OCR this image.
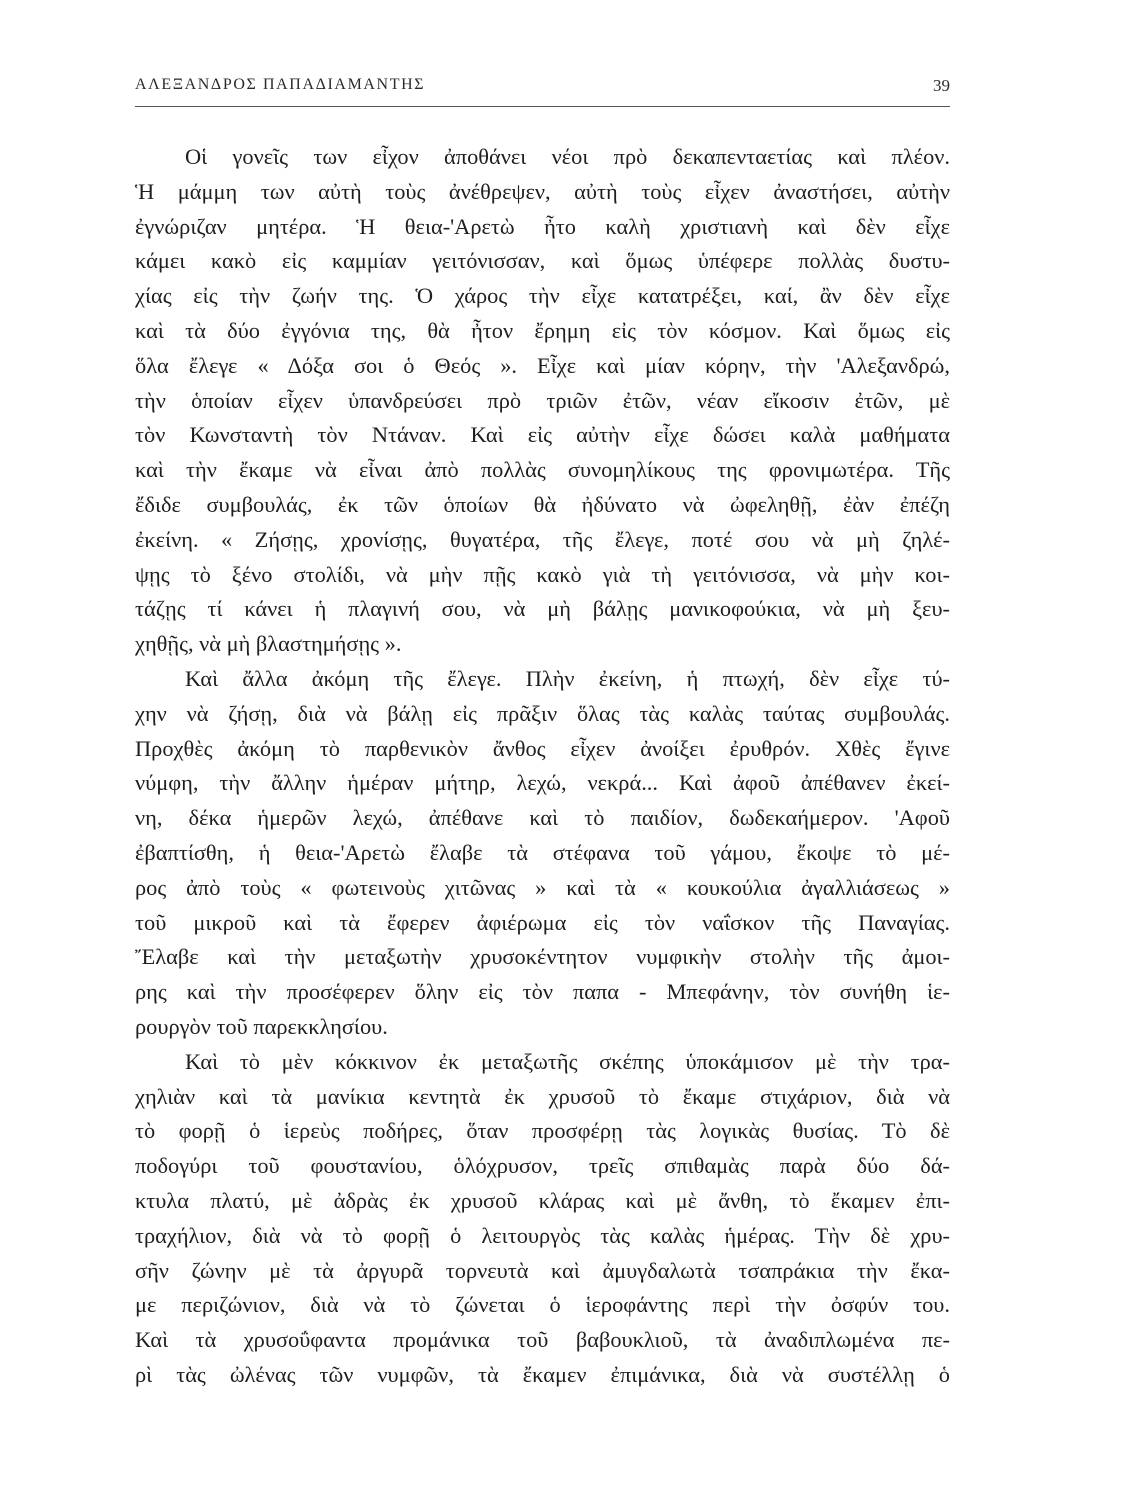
ΑΛΕΞΑΝΔΡΟΣ ΠΑΠΑΔΙΑΜΑΝΤΗΣ	39
Οἱ γονεῖς των εἶχον ἀποθάνει νέοι πρὸ δεκαπενταετίας καὶ πλέον.
Ἡ μάμμη των αὐτὴ τοὺς ἀνέθρεψεν, αὐτὴ τοὺς εἶχεν ἀναστήσει, αὐτὴν
ἐγνώριζαν μητέρα. Ἡ θεια-'Αρετὼ ἦτο καλὴ χριστιανὴ καὶ δὲν εἶχε
κάμει κακὸ εἰς καμμίαν γειτόνισσαν, καὶ ὅμως ὑπέφερε πολλὰς δυστυ-
χίας εἰς τὴν ζωήν της. Ὁ χάρος τὴν εἶχε κατατρέξει, καί, ἂν δὲν εἶχε
καὶ τὰ δύο ἐγγόνια της, θὰ ἦτον ἔρημη εἰς τὸν κόσμον. Καὶ ὅμως εἰς
ὅλα ἔλεγε « Δόξα σοι ὁ Θεός ». Εἶχε καὶ μίαν κόρην, τὴν 'Αλεξανδρώ,
τὴν ὁποίαν εἶχεν ὑπανδρεύσει πρὸ τριῶν ἐτῶν, νέαν εἴκοσιν ἐτῶν, μὲ
τὸν Κωνσταντὴ τὸν Ντάναν. Καὶ εἰς αὐτὴν εἶχε δώσει καλὰ μαθήματα
καὶ τὴν ἔκαμε νὰ εἶναι ἀπὸ πολλὰς συνομηλίκους της φρονιμωτέρα. Τῆς
ἔδιδε συμβουλάς, ἐκ τῶν ὁποίων θὰ ἠδύνατο νὰ ὠφεληθῇ, ἐὰν ἐπέζη
ἐκείνη. « Ζήσῃς, χρονίσῃς, θυγατέρα, τῆς ἔλεγε, ποτέ σου νὰ μὴ ζηλέ-
ψῃς τὸ ξένο στολίδι, νὰ μὴν πῇς κακὸ γιὰ τὴ γειτόνισσα, νὰ μὴν κοι-
τάζῃς τί κάνει ἡ πλαγινή σου, νὰ μὴ βάλῃς μανικοφούκια, νὰ μὴ ξευ-
χηθῇς, νὰ μὴ βλαστημήσῃς ».
Καὶ ἄλλα ἀκόμη τῆς ἔλεγε. Πλὴν ἐκείνη, ἡ πτωχή, δὲν εἶχε τύ-
χην νὰ ζήσῃ, διὰ νὰ βάλῃ εἰς πρᾶξιν ὅλας τὰς καλὰς ταύτας συμβουλάς.
Προχθὲς ἀκόμη τὸ παρθενικὸν ἄνθος εἶχεν ἀνοίξει ἐρυθρόν. Χθὲς ἔγινε
νύμφη, τὴν ἄλλην ἡμέραν μήτηρ, λεχώ, νεκρά... Καὶ ἀφοῦ ἀπέθανεν ἐκεί-
νη, δέκα ἡμερῶν λεχώ, ἀπέθανε καὶ τὸ παιδίον, δωδεκαήμερον. 'Αφοῦ
ἐβαπτίσθη, ἡ θεια-'Αρετὼ ἔλαβε τὰ στέφανα τοῦ γάμου, ἔκοψε τὸ μέ-
ρος ἀπὸ τοὺς « φωτεινοὺς χιτῶνας » καὶ τὰ « κουκούλια ἀγαλλιάσεως »
τοῦ μικροῦ καὶ τὰ ἔφερεν ἀφιέρωμα εἰς τὸν ναΐσκον τῆς Παναγίας.
Ἔλαβε καὶ τὴν μεταξωτὴν χρυσοκέντητον νυμφικὴν στολὴν τῆς ἀμοι-
ρης καὶ τὴν προσέφερεν ὅλην εἰς τὸν παπα - Μπεφάνην, τὸν συνήθη ἱε-
ρουργὸν τοῦ παρεκκλησίου.
Καὶ τὸ μὲν κόκκινον ἐκ μεταξωτῆς σκέπης ὑποκάμισον μὲ τὴν τρα-
χηλιὰν καὶ τὰ μανίκια κεντητὰ ἐκ χρυσοῦ τὸ ἔκαμε στιχάριον, διὰ νὰ
τὸ φορῇ ὁ ἱερεὺς ποδήρες, ὅταν προσφέρῃ τὰς λογικὰς θυσίας. Τὸ δὲ
ποδογύρι τοῦ φουστανίου, ὁλόχρυσον, τρεῖς σπιθαμὰς παρὰ δύο δά-
κτυλα πλατύ, μὲ ἀδρὰς ἐκ χρυσοῦ κλάρας καὶ μὲ ἄνθη, τὸ ἔκαμεν ἐπι-
τραχήλιον, διὰ νὰ τὸ φορῇ ὁ λειτουργὸς τὰς καλὰς ἡμέρας. Τὴν δὲ χρυ-
σῆν ζώνην μὲ τὰ ἀργυρᾶ τορνευτὰ καὶ ἀμυγδαλωτὰ τσαπράκια τὴν ἔκα-
με περιζώνιον, διὰ νὰ τὸ ζώνεται ὁ ἱεροφάντης περὶ τὴν ὀσφύν του.
Καὶ τὰ χρυσοΰφαντα προμάνικα τοῦ βαβουκλιοῦ, τὰ ἀναδιπλωμένα πε-
ρὶ τὰς ὠλένας τῶν νυμφῶν, τὰ ἔκαμεν ἐπιμάνικα, διὰ νὰ συστέλλῃ ὁ
